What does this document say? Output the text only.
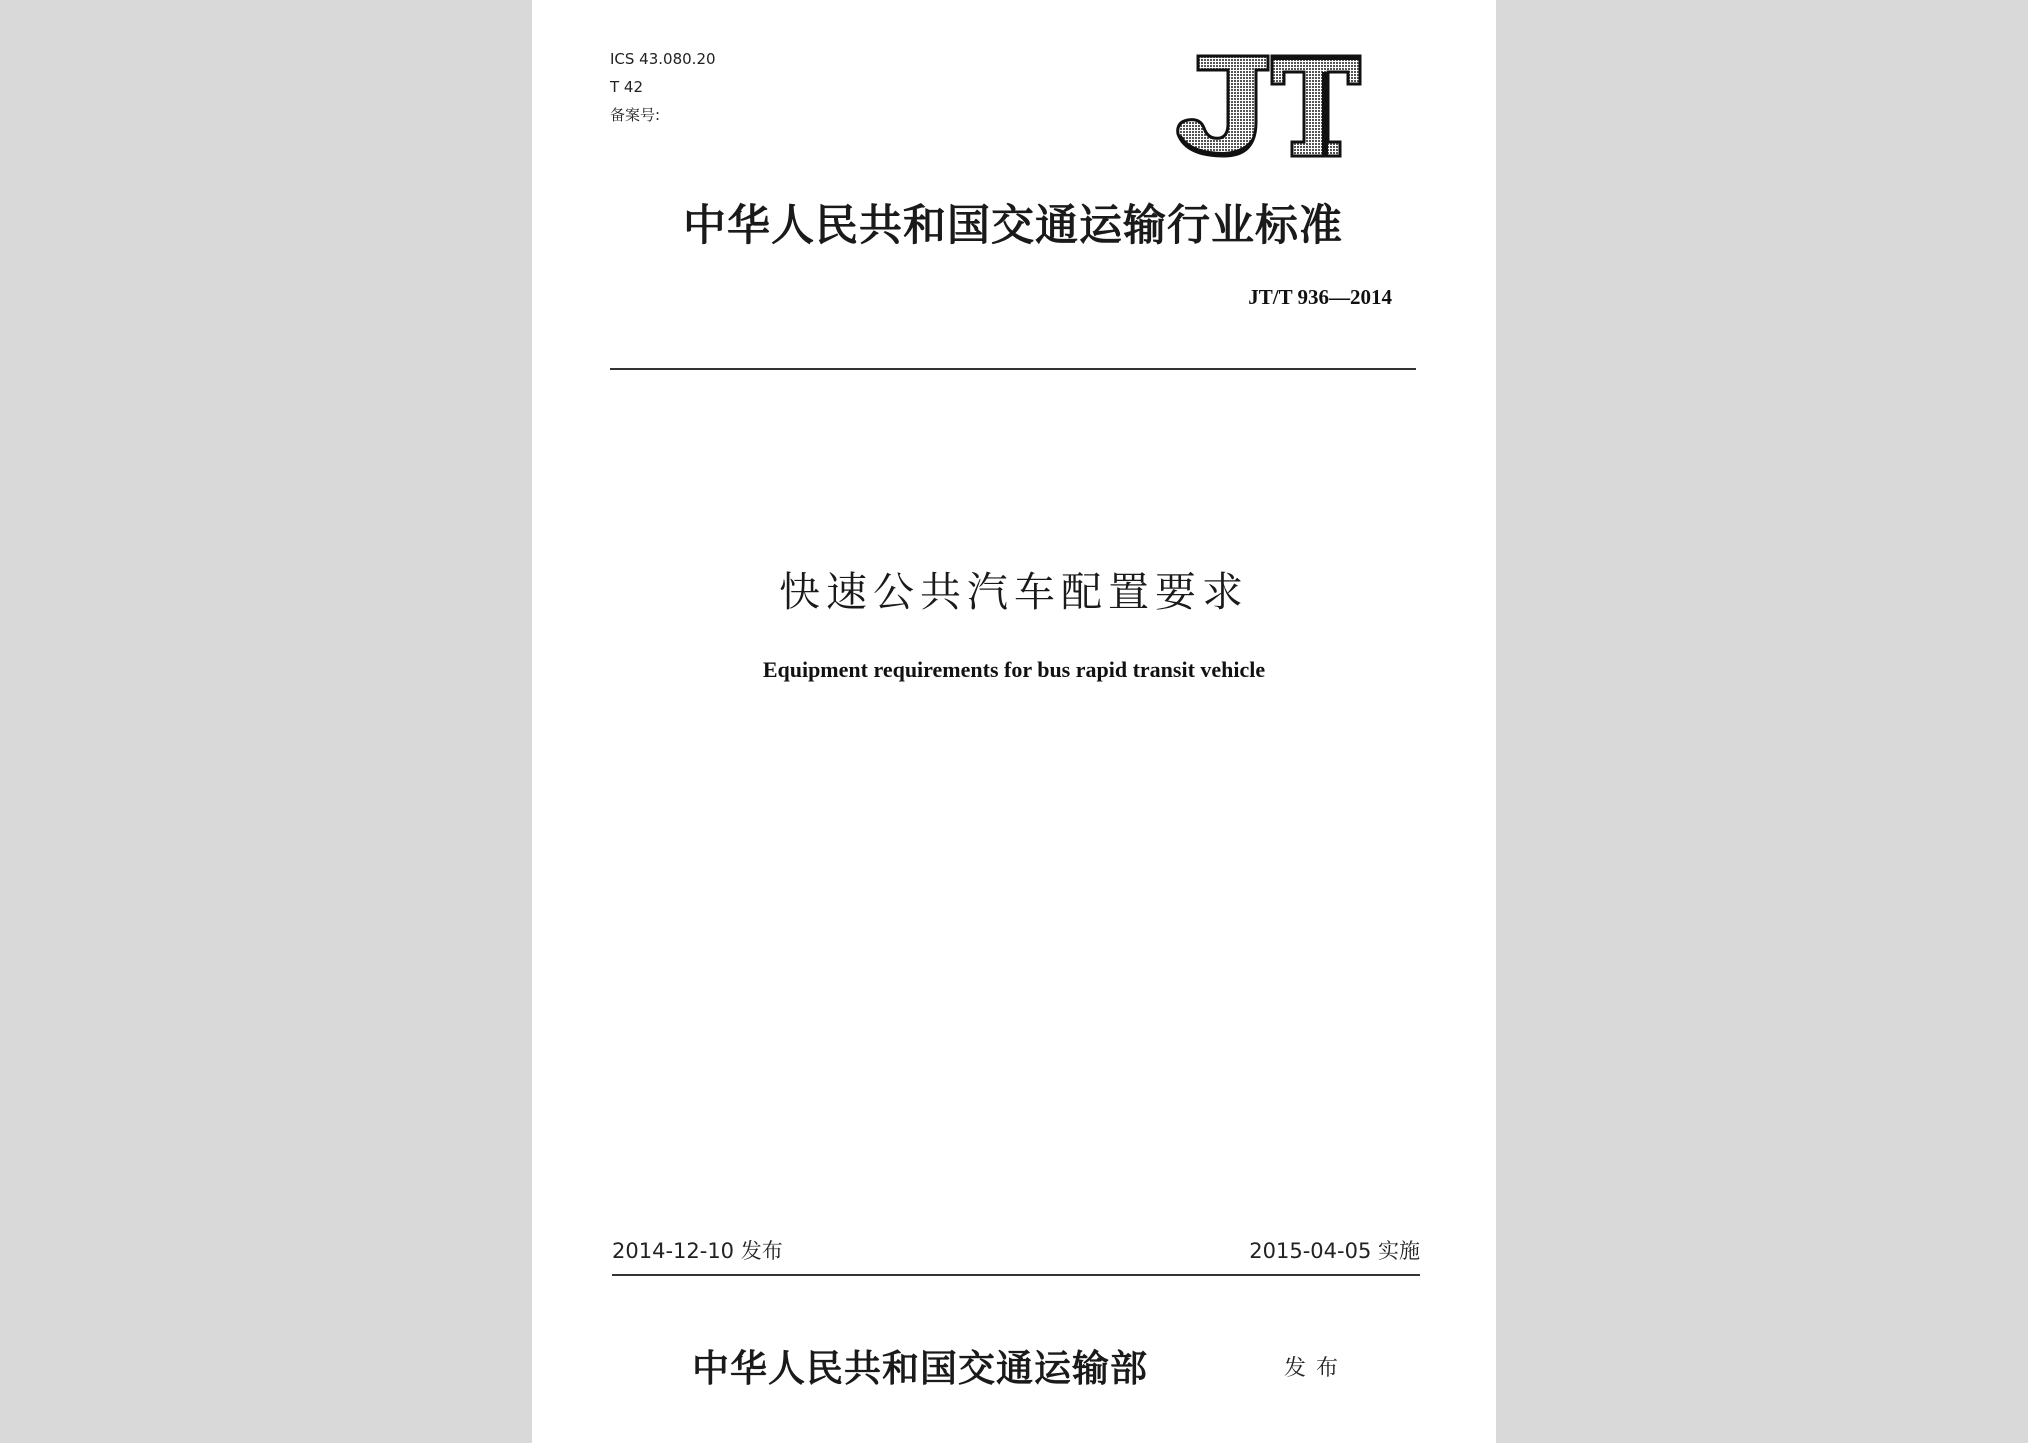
ICS 43.080.20
T 42
备案号:
JT
中华人民共和国交通运输行业标准
JT/T 936—2014
快速公共汽车配置要求
Equipment requirements for bus rapid transit vehicle
2014-12-10 发布	2015-04-05 实施
中华人民共和国交通运输部	发布
